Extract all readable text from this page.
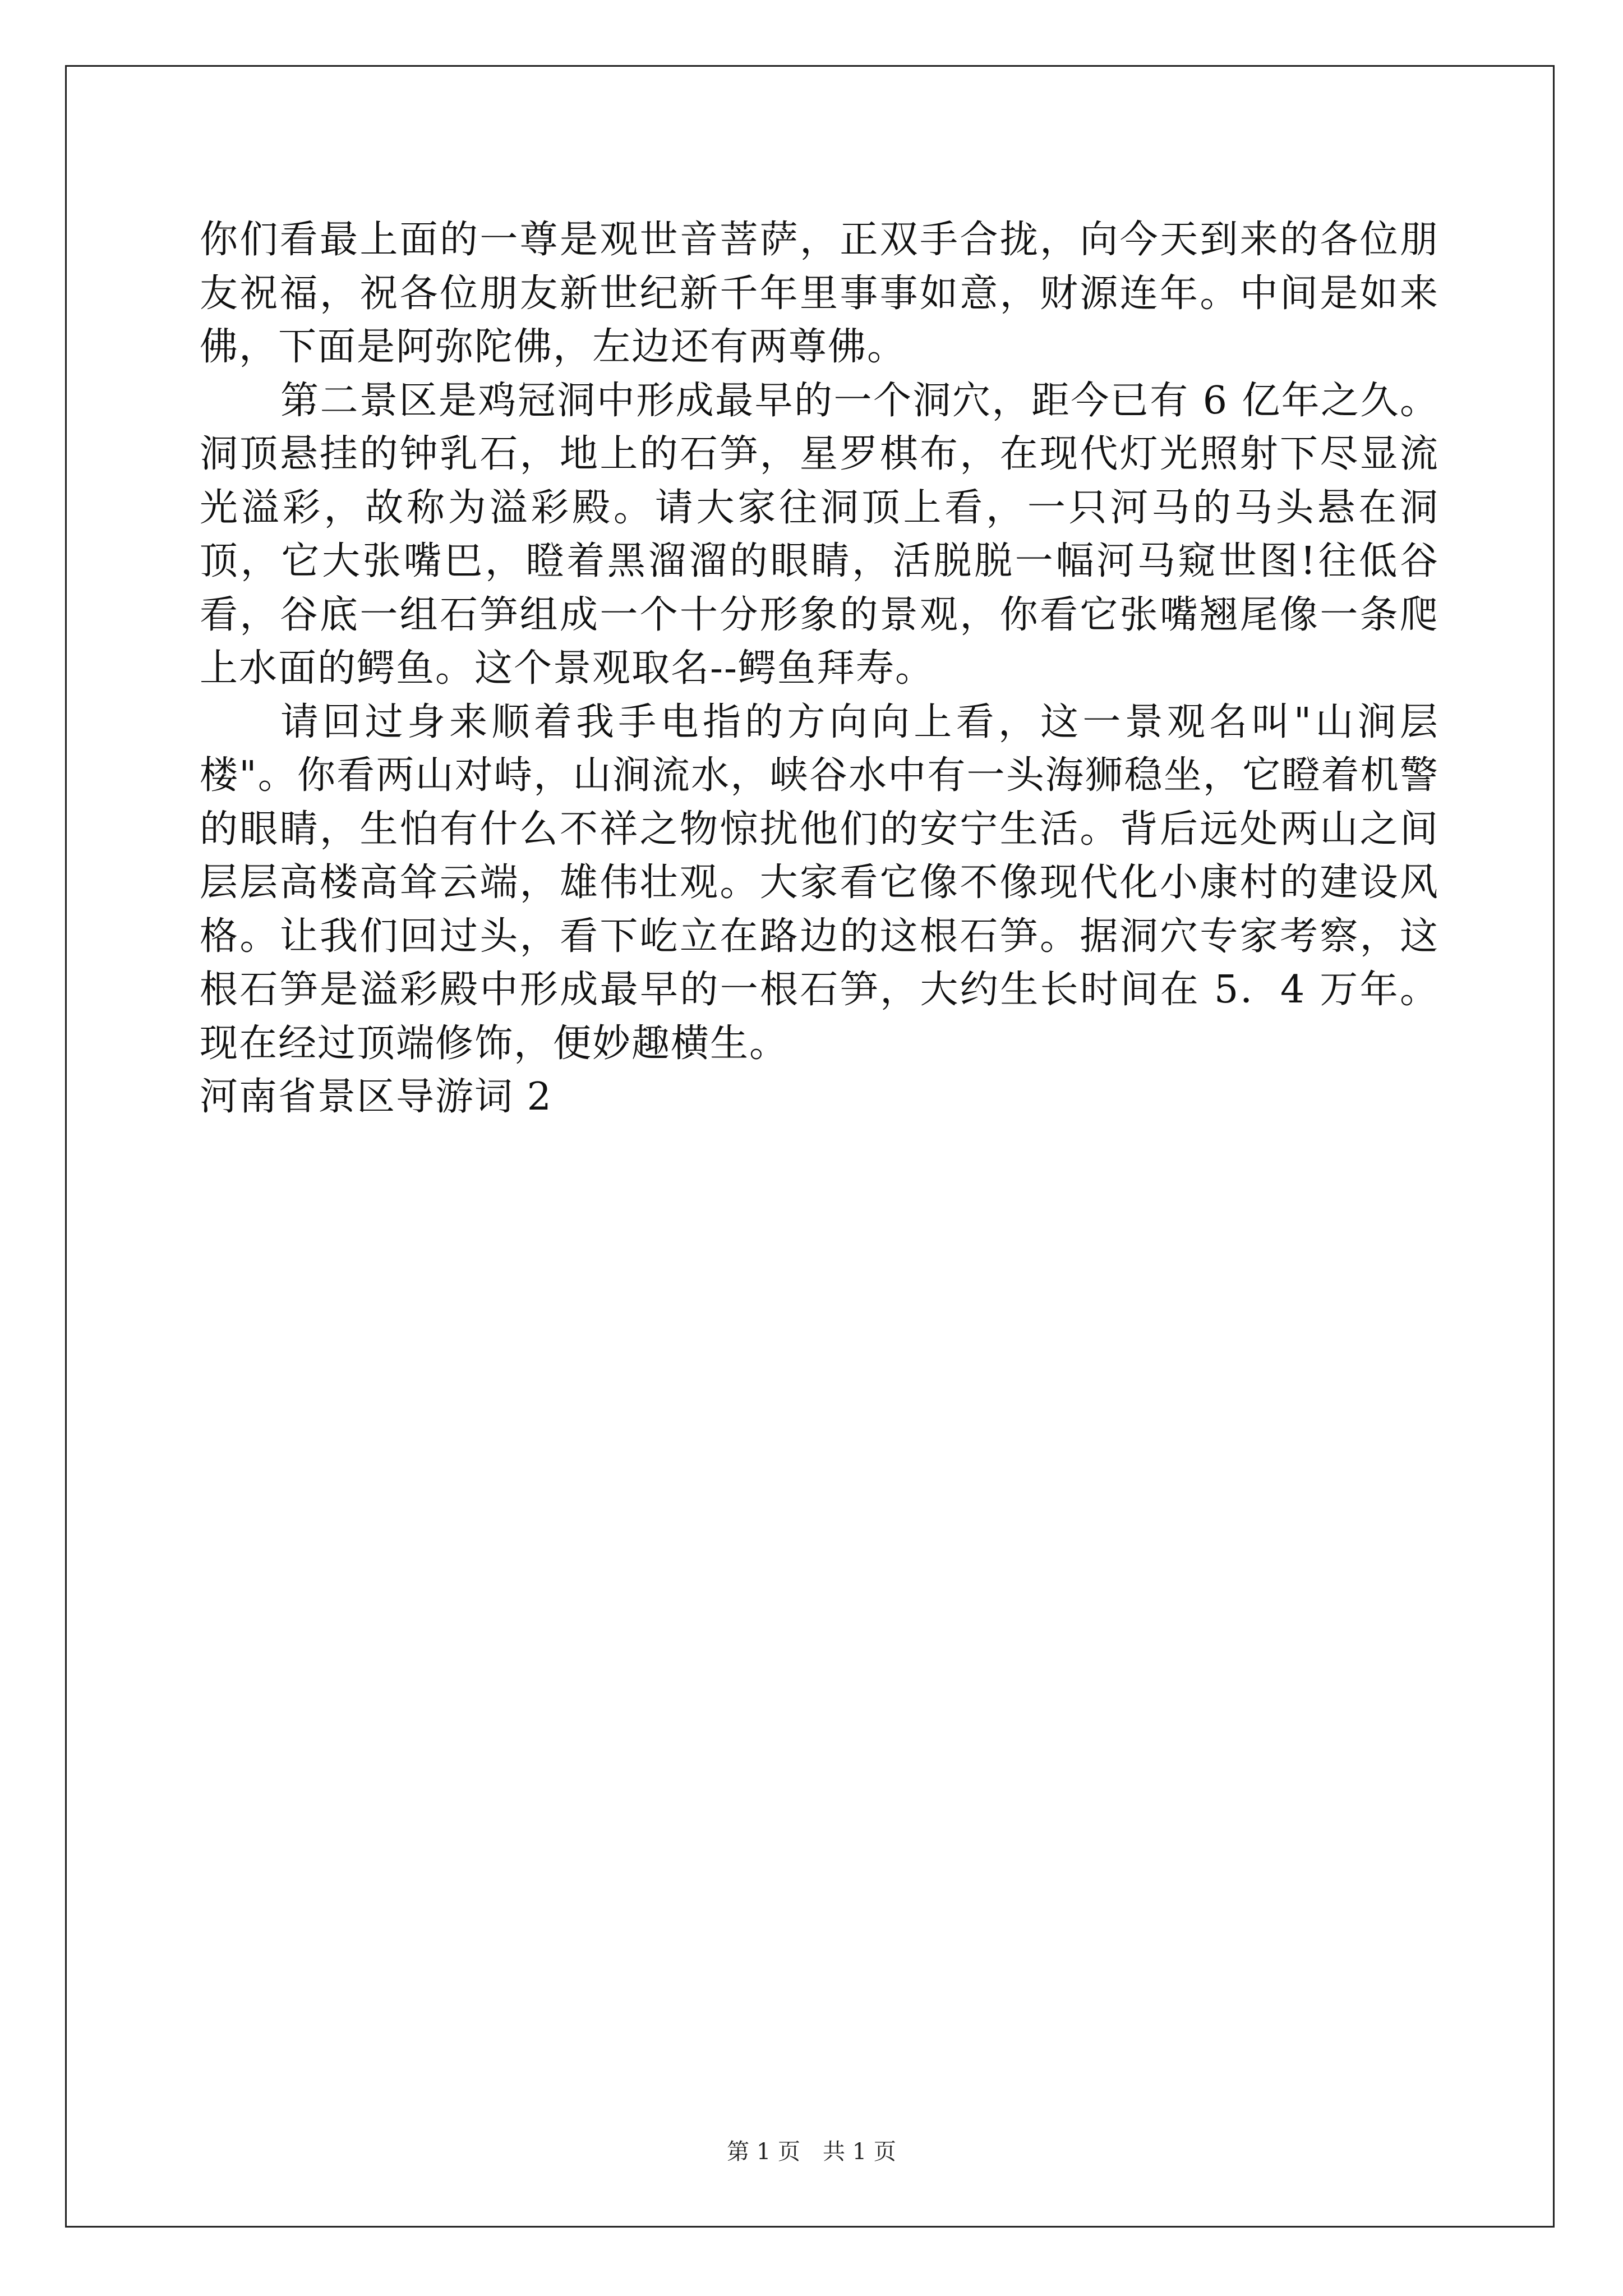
你们看最上面的一尊是观世音菩萨，正双手合拢，向今天到来的各位朋友祝福，祝各位朋友新世纪新千年里事事如意，财源连年。中间是如来佛，下面是阿弥陀佛，左边还有两尊佛。

第二景区是鸡冠洞中形成最早的一个洞穴，距今已有 6 亿年之久。洞顶悬挂的钟乳石，地上的石笋，星罗棋布，在现代灯光照射下尽显流光溢彩，故称为溢彩殿。请大家往洞顶上看，一只河马的马头悬在洞顶，它大张嘴巴，瞪着黑溜溜的眼睛，活脱脱一幅河马窥世图!往低谷看，谷底一组石笋组成一个十分形象的景观，你看它张嘴翘尾像一条爬上水面的鳄鱼。这个景观取名--鳄鱼拜寿。

请回过身来顺着我手电指的方向向上看，这一景观名叫"山涧层楼"。你看两山对峙，山涧流水，峡谷水中有一头海狮稳坐，它瞪着机警的眼睛，生怕有什么不祥之物惊扰他们的安宁生活。背后远处两山之间层层高楼高耸云端，雄伟壮观。大家看它像不像现代化小康村的建设风格。让我们回过头，看下屹立在路边的这根石笋。据洞穴专家考察，这根石笋是溢彩殿中形成最早的一根石笋，大约生长时间在 5．4 万年。现在经过顶端修饰，便妙趣横生。

河南省景区导游词 2
第 1 页　共 1 页
